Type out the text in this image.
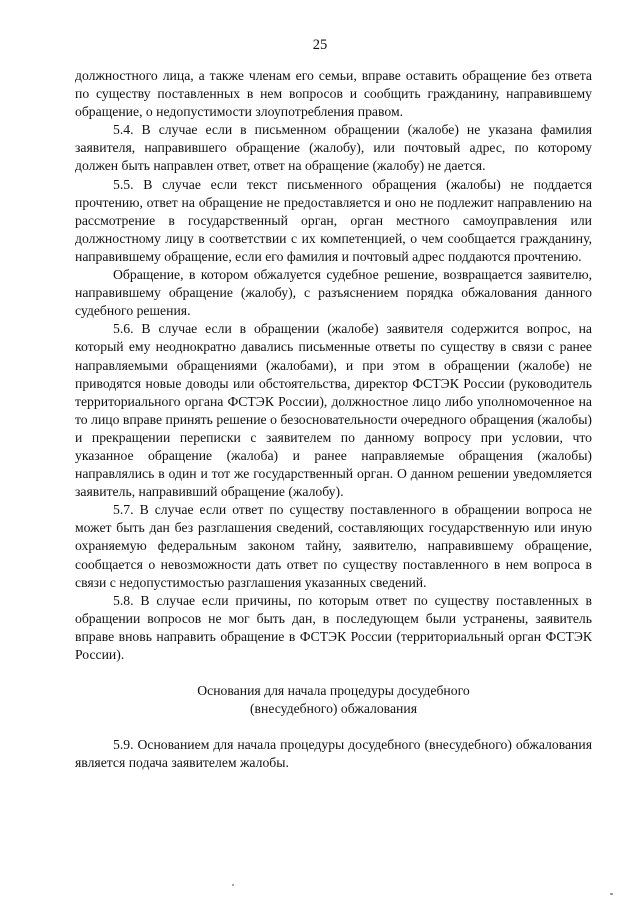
25

должностного лица, а также членам его семьи, вправе оставить обращение без ответа по существу поставленных в нем вопросов и сообщить гражданину, направившему обращение, о недопустимости злоупотребления правом.

5.4. В случае если в письменном обращении (жалобе) не указана фамилия заявителя, направившего обращение (жалобу), или почтовый адрес, по которому должен быть направлен ответ, ответ на обращение (жалобу) не дается.

5.5. В случае если текст письменного обращения (жалобы) не поддается прочтению, ответ на обращение не предоставляется и оно не подлежит направлению на рассмотрение в государственный орган, орган местного самоуправления или должностному лицу в соответствии с их компетенцией, о чем сообщается гражданину, направившему обращение, если его фамилия и почтовый адрес поддаются прочтению.

Обращение, в котором обжалуется судебное решение, возвращается заявителю, направившему обращение (жалобу), с разъяснением порядка обжалования данного судебного решения.

5.6. В случае если в обращении (жалобе) заявителя содержится вопрос, на который ему неоднократно давались письменные ответы по существу в связи с ранее направляемыми обращениями (жалобами), и при этом в обращении (жалобе) не приводятся новые доводы или обстоятельства, директор ФСТЭК России (руководитель территориального органа ФСТЭК России), должностное лицо либо уполномоченное на то лицо вправе принять решение о безосновательности очередного обращения (жалобы) и прекращении переписки с заявителем по данному вопросу при условии, что указанное обращение (жалоба) и ранее направляемые обращения (жалобы) направлялись в один и тот же государственный орган. О данном решении уведомляется заявитель, направивший обращение (жалобу).

5.7. В случае если ответ по существу поставленного в обращении вопроса не может быть дан без разглашения сведений, составляющих государственную или иную охраняемую федеральным законом тайну, заявителю, направившему обращение, сообщается о невозможности дать ответ по существу поставленного в нем вопроса в связи с недопустимостью разглашения указанных сведений.

5.8. В случае если причины, по которым ответ по существу поставленных в обращении вопросов не мог быть дан, в последующем были устранены, заявитель вправе вновь направить обращение в ФСТЭК России (территориальный орган ФСТЭК России).

Основания для начала процедуры досудебного
(внесудебного) обжалования

5.9. Основанием для начала процедуры досудебного (внесудебного) обжалования является подача заявителем жалобы.
